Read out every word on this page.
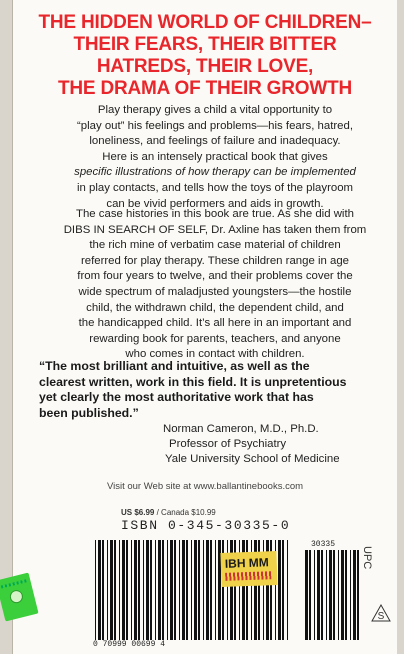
THE HIDDEN WORLD OF CHILDREN–
THEIR FEARS, THEIR BITTER
HATREDS, THEIR LOVE,
THE DRAMA OF THEIR GROWTH
Play therapy gives a child a vital opportunity to
“play out” his feelings and problems—his fears, hatred,
loneliness, and feelings of failure and inadequacy.
Here is an intensely practical book that gives
specific illustrations of how therapy can be implemented
in play contacts, and tells how the toys of the playroom
can be vivid performers and aids in growth.
The case histories in this book are true. As she did with
DIBS IN SEARCH OF SELF, Dr. Axline has taken them from
the rich mine of verbatim case material of children
referred for play therapy. These children range in age
from four years to twelve, and their problems cover the
wide spectrum of maladjusted youngsters—the hostile
child, the withdrawn child, the dependent child, and
the handicapped child. It’s all here in an important and
rewarding book for parents, teachers, and anyone
who comes in contact with children.
“The most brilliant and intuitive, as well as the
clearest written, work in this field. It is unpretentious
yet clearly the most authoritative work that has
been published.”
Norman Cameron, M.D., Ph.D.
Professor of Psychiatry
Yale University School of Medicine
Visit our Web site at www.ballantinebooks.com
US $6.99 / Canada $10.99
ISBN 0-345-30335-0
30335
UPC
S
0 70999 00699 4
IBH MM
